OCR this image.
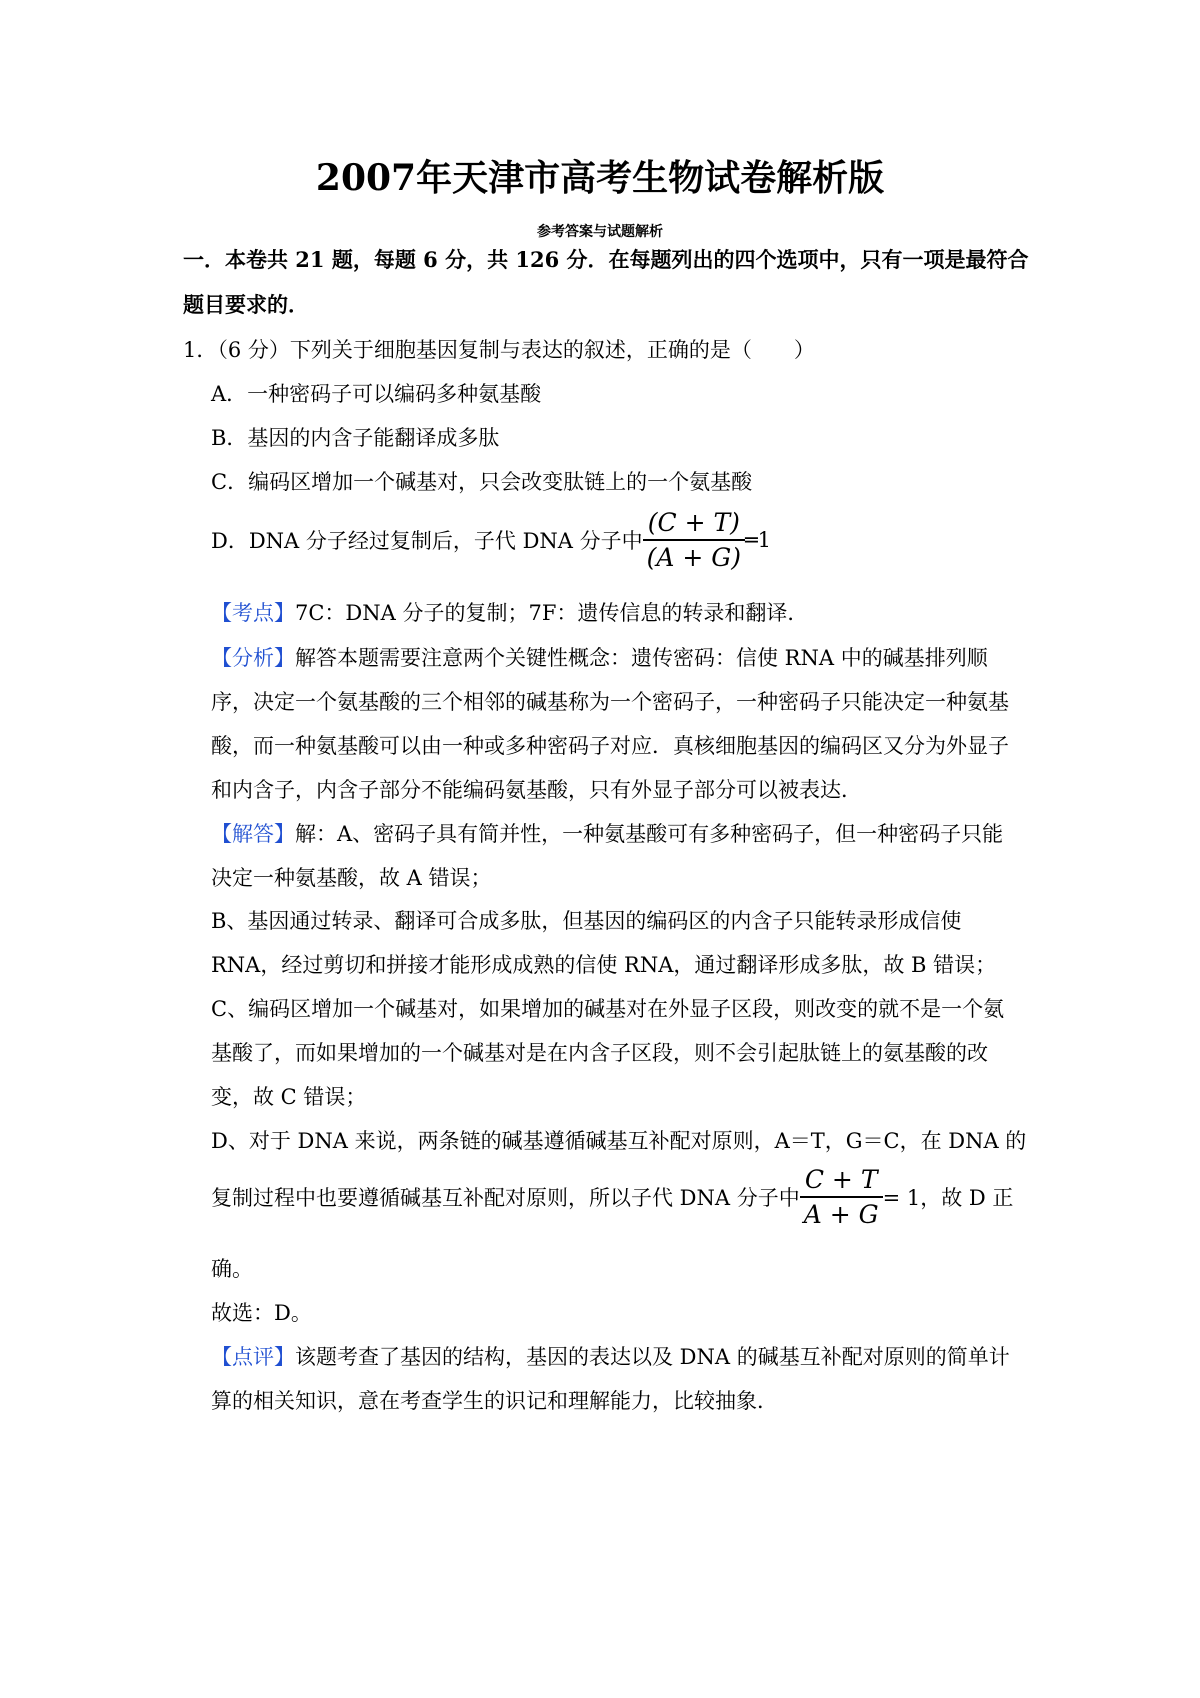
2007年天津市高考生物试卷解析版
参考答案与试题解析
一．本卷共 21 题，每题 6 分，共 126 分．在每题列出的四个选项中，只有一项是最符合
题目要求的．
1．（6 分）下列关于细胞基因复制与表达的叙述，正确的是（　　）
A．一种密码子可以编码多种氨基酸
B．基因的内含子能翻译成多肽
C．编码区增加一个碱基对，只会改变肽链上的一个氨基酸
D．DNA 分子经过复制后，子代 DNA 分子中 $\frac{(C + T)}{(A + G)}$ ═1
【考点】7C：DNA 分子的复制；7F：遗传信息的转录和翻译．
【分析】解答本题需要注意两个关键性概念：遗传密码：信使 RNA 中的碱基排列顺
序，决定一个氨基酸的三个相邻的碱基称为一个密码子，一种密码子只能决定一种氨基
酸，而一种氨基酸可以由一种或多种密码子对应．真核细胞基因的编码区又分为外显子
和内含子，内含子部分不能编码氨基酸，只有外显子部分可以被表达．
【解答】解：A、密码子具有简并性，一种氨基酸可有多种密码子，但一种密码子只能
决定一种氨基酸，故 A 错误；
B、基因通过转录、翻译可合成多肽，但基因的编码区的内含子只能转录形成信使
RNA，经过剪切和拼接才能形成成熟的信使 RNA，通过翻译形成多肽，故 B 错误；
C、编码区增加一个碱基对，如果增加的碱基对在外显子区段，则改变的就不是一个氨
基酸了，而如果增加的一个碱基对是在内含子区段，则不会引起肽链上的氨基酸的改
变，故 C 错误；
D、对于 DNA 来说，两条链的碱基遵循碱基互补配对原则，A＝T，G＝C，在 DNA 的
复制过程中也要遵循碱基互补配对原则，所以子代 DNA 分子中 $\frac{C + T}{A + G} = 1$，故 D 正
确。
故选：D。
【点评】该题考查了基因的结构，基因的表达以及 DNA 的碱基互补配对原则的简单计
算的相关知识，意在考查学生的识记和理解能力，比较抽象．
